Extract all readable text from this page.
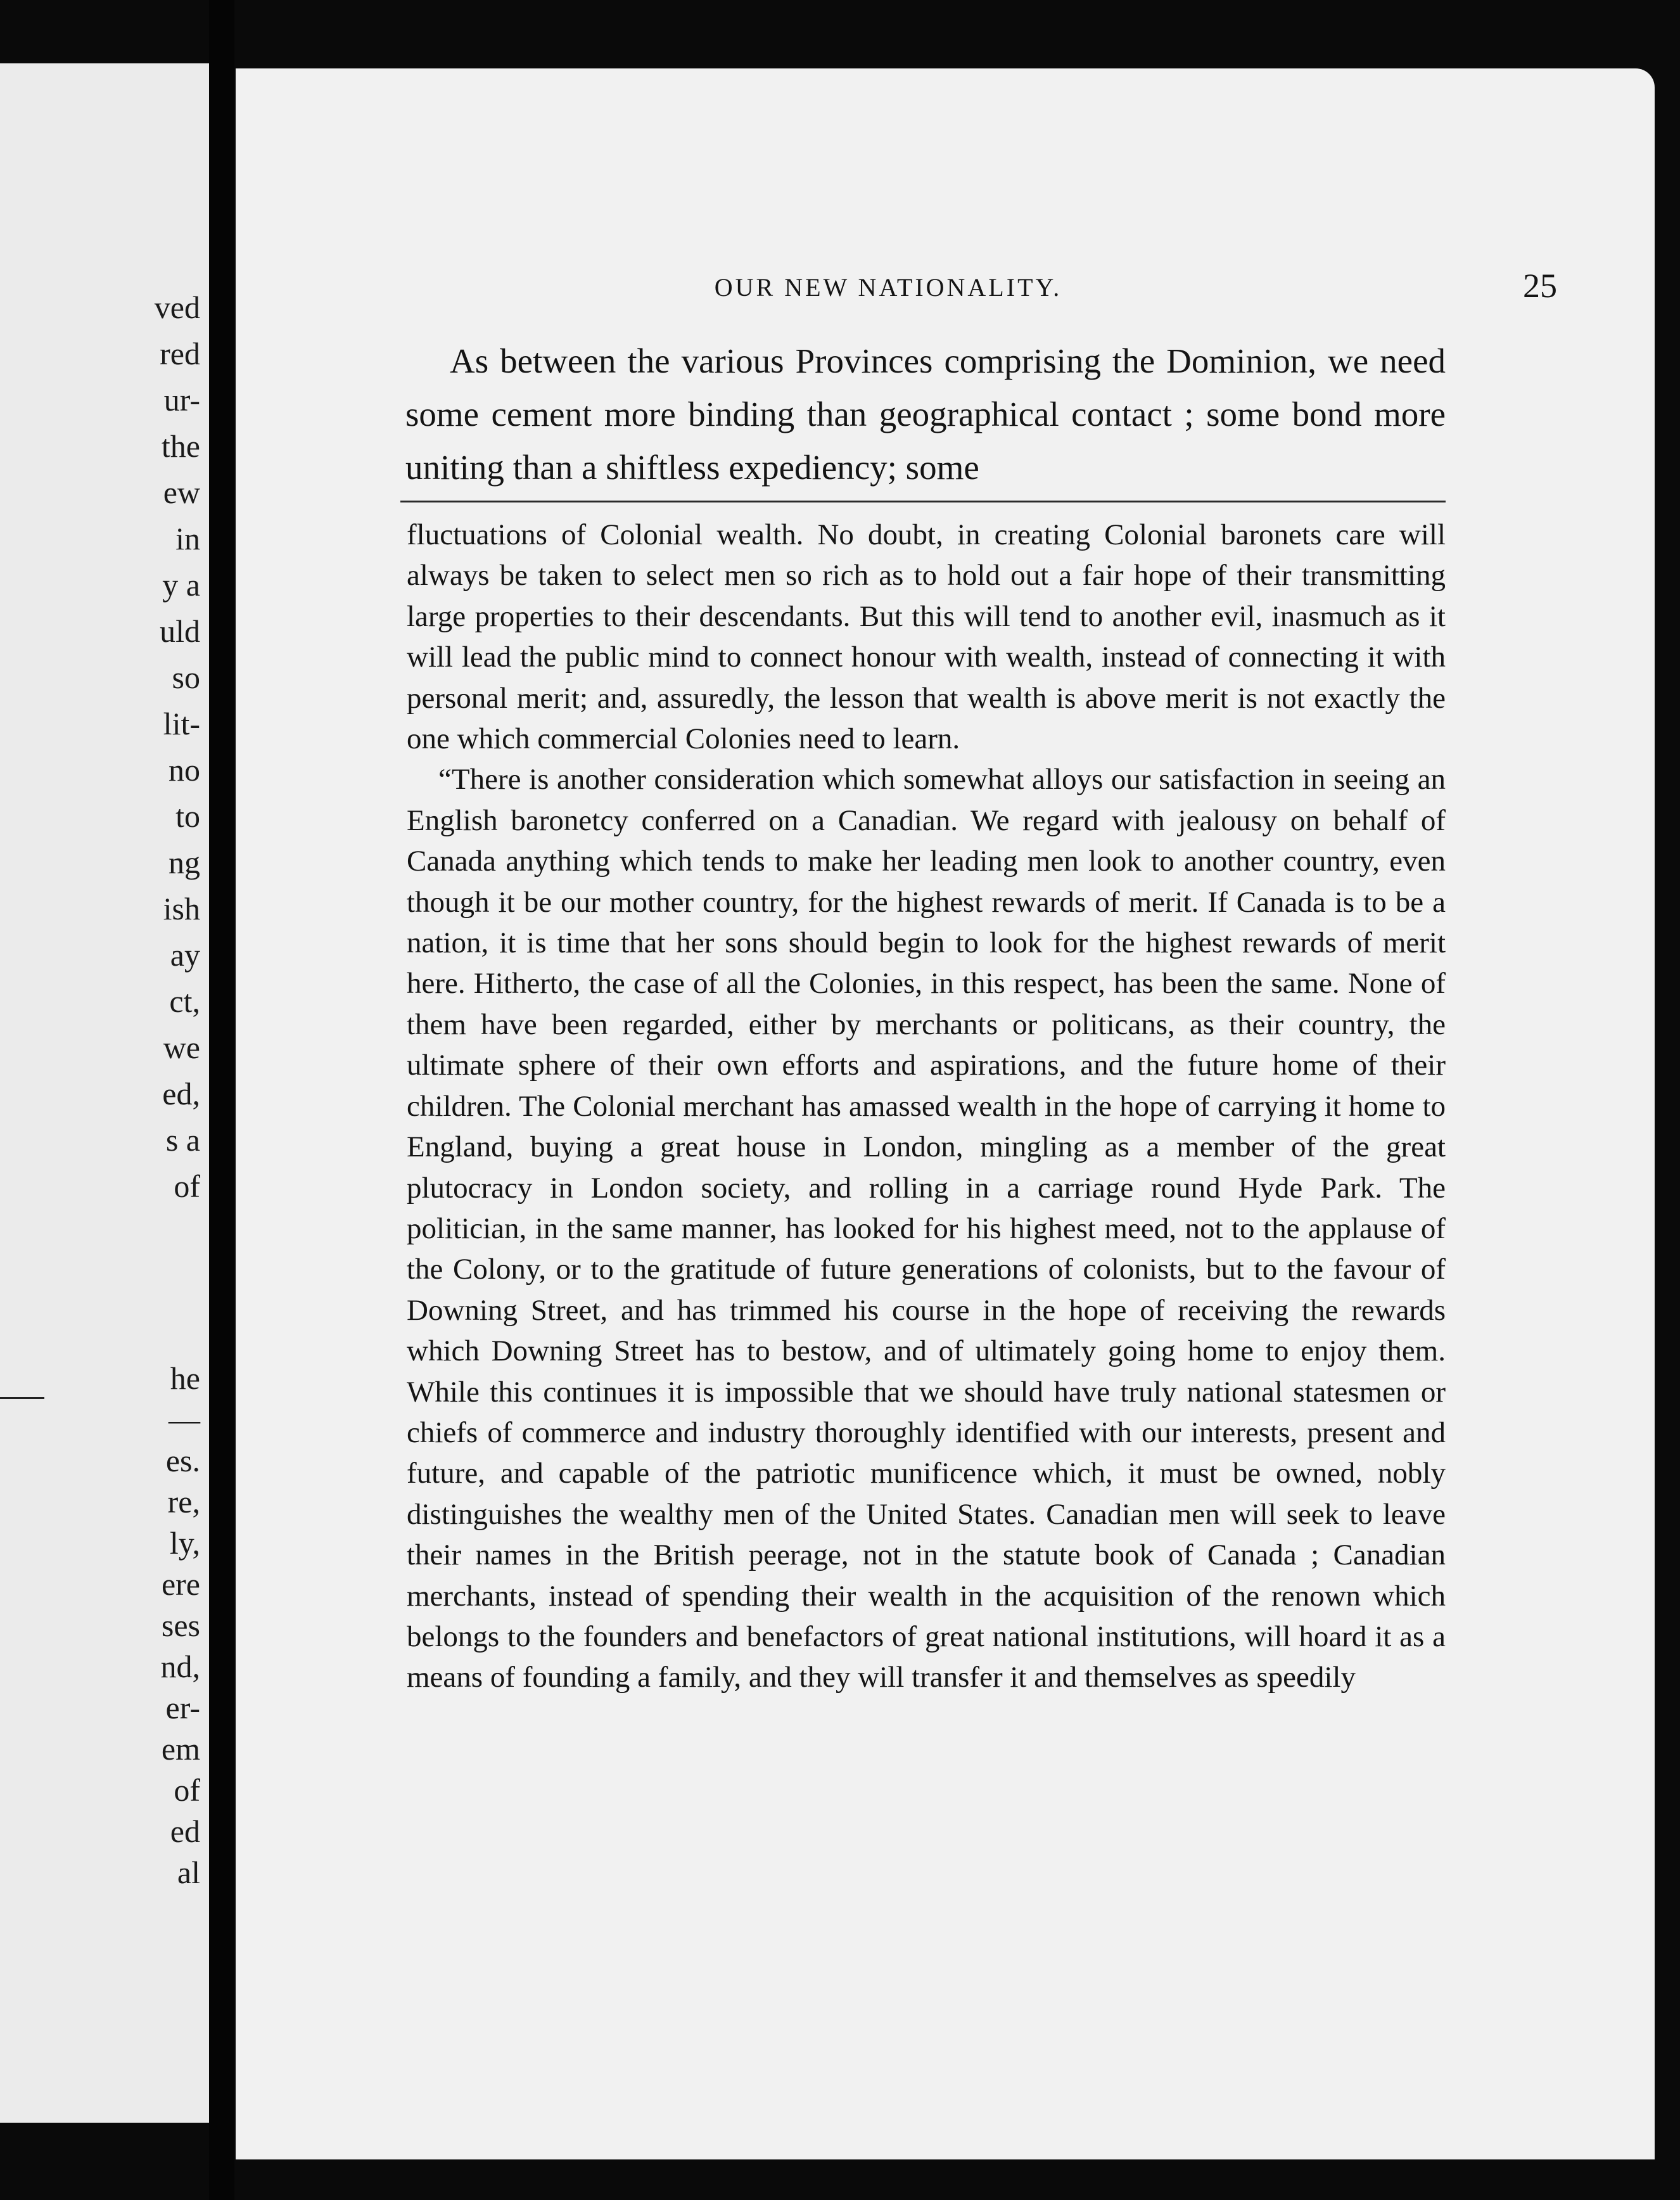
ved
red
ur-
the
ew
in
y a
uld
so
lit-
no
to
ng
ish
ay
ct,
we
ed,
s a
of
he
—
es.
re,
ly,
ere
ses
nd,
er-
em
of
ed
al
OUR NEW NATIONALITY.	25

As between the various Provinces comprising the Dominion, we need some cement more binding than geographical contact ; some bond more uniting than a shiftless expediency; some

fluctuations of Colonial wealth. No doubt, in creating Colonial baronets care will always be taken to select men so rich as to hold out a fair hope of their transmitting large properties to their descendants. But this will tend to another evil, inasmuch as it will lead the public mind to connect honour with wealth, instead of connecting it with personal merit; and, assuredly, the lesson that wealth is above merit is not exactly the one which commercial Colonies need to learn.

“There is another consideration which somewhat alloys our satisfaction in seeing an English baronetcy conferred on a Canadian. We regard with jealousy on behalf of Canada anything which tends to make her leading men look to another country, even though it be our mother country, for the highest rewards of merit. If Canada is to be a nation, it is time that her sons should begin to look for the highest rewards of merit here. Hitherto, the case of all the Colonies, in this respect, has been the same. None of them have been regarded, either by merchants or politicans, as their country, the ultimate sphere of their own efforts and aspirations, and the future home of their children. The Colonial merchant has amassed wealth in the hope of carrying it home to England, buying a great house in London, mingling as a member of the great plutocracy in London society, and rolling in a carriage round Hyde Park. The politician, in the same manner, has looked for his highest meed, not to the applause of the Colony, or to the gratitude of future generations of colonists, but to the favour of Downing Street, and has trimmed his course in the hope of receiving the rewards which Downing Street has to bestow, and of ultimately going home to enjoy them. While this continues it is impossible that we should have truly national statesmen or chiefs of commerce and industry thoroughly identified with our interests, present and future, and capable of the patriotic munificence which, it must be owned, nobly distinguishes the wealthy men of the United States. Canadian men will seek to leave their names in the British peerage, not in the statute book of Canada ; Canadian merchants, instead of spending their wealth in the acquisition of the renown which belongs to the founders and benefactors of great national institutions, will hoard it as a means of founding a family, and they will transfer it and themselves as speedily
